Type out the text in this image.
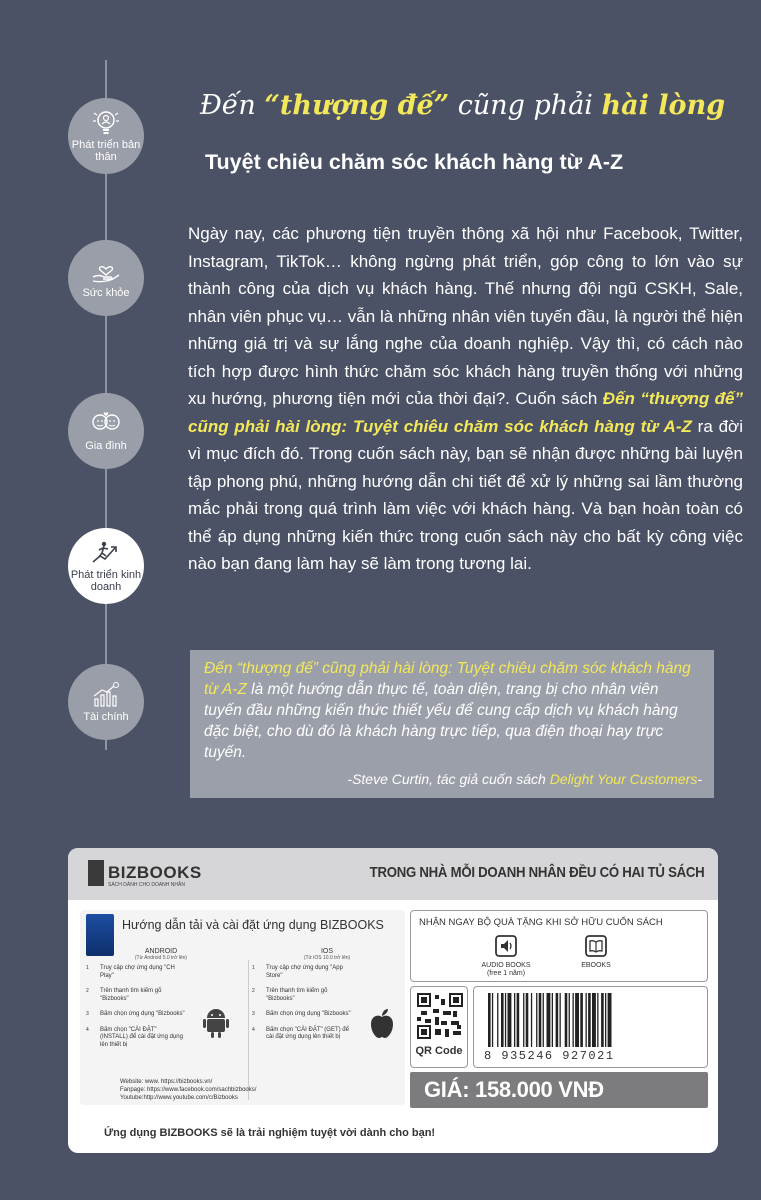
Phát triển bản thân
Sức khỏe
Gia đình
Phát triển kinh doanh
Tài chính
Đến “thượng đế” cũng phải hài lòng
Tuyệt chiêu chăm sóc khách hàng từ A-Z
Ngày nay, các phương tiện truyền thông xã hội như Facebook, Twitter, Instagram, TikTok… không ngừng phát triển, góp công to lớn vào sự thành công của dịch vụ khách hàng. Thế nhưng đội ngũ CSKH, Sale, nhân viên phục vụ… vẫn là những nhân viên tuyến đầu, là người thể hiện những giá trị và sự lắng nghe của doanh nghiệp. Vậy thì, có cách nào tích hợp được hình thức chăm sóc khách hàng truyền thống với những xu hướng, phương tiện mới của thời đại?. Cuốn sách Đến “thượng đế” cũng phải hài lòng: Tuyệt chiêu chăm sóc khách hàng từ A-Z ra đời vì mục đích đó. Trong cuốn sách này, bạn sẽ nhận được những bài luyện tập phong phú, những hướng dẫn chi tiết để xử lý những sai lầm thường mắc phải trong quá trình làm việc với khách hàng. Và bạn hoàn toàn có thể áp dụng những kiến thức trong cuốn sách này cho bất kỳ công việc nào bạn đang làm hay sẽ làm trong tương lai.
Đến “thượng đế” cũng phải hài lòng: Tuyệt chiêu chăm sóc khách hàng từ A-Z là một hướng dẫn thực tế, toàn diện, trang bị cho nhân viên tuyến đầu những kiến thức thiết yếu để cung cấp dịch vụ khách hàng đặc biệt, cho dù đó là khách hàng trực tiếp, qua điện thoại hay trực tuyến.
-Steve Curtin, tác giả cuốn sách Delight Your Customers-
BIZBOOKS
SÁCH DÀNH CHO DOANH NHÂN
TRONG NHÀ MỖI DOANH NHÂN ĐỀU CÓ HAI TỦ SÁCH
Hướng dẫn tải và cài đặt ứng dụng BIZBOOKS
ANDROID
(Từ Android 5.0 trở lên)
1 Truy cập chợ ứng dụng "CH Play"
2 Trên thanh tìm kiếm gõ "Bizbooks"
3 Bấm chọn ứng dụng "Bizbooks"
4 Bấm chọn "CÀI ĐẶT" (INSTALL) để cài đặt ứng dụng lên thiết bị
IOS
(Từ iOS 10.0 trở lên)
1 Truy cập chợ ứng dụng "App Store"
2 Trên thanh tìm kiếm gõ "Bizbooks"
3 Bấm chọn ứng dụng "Bizbooks"
4 Bấm chọn "CÀI ĐẶT" (GET) để cài đặt ứng dụng lên thiết bị
Website: www. https://bizbooks.vn/
Fanpage: https://www.facebook.com/sachbizbooks/
Youtube:http://www.youtube.com/c/Bizbooks
NHẬN NGAY BỘ QUÀ TẶNG KHI SỞ HỮU CUỐN SÁCH
AUDIO BOOKS
(free 1 năm)
EBOOKS
QR Code	8 935246 927021
GIÁ: 158.000 VNĐ
Ứng dụng BIZBOOKS sẽ là trải nghiệm tuyệt vời dành cho bạn!
